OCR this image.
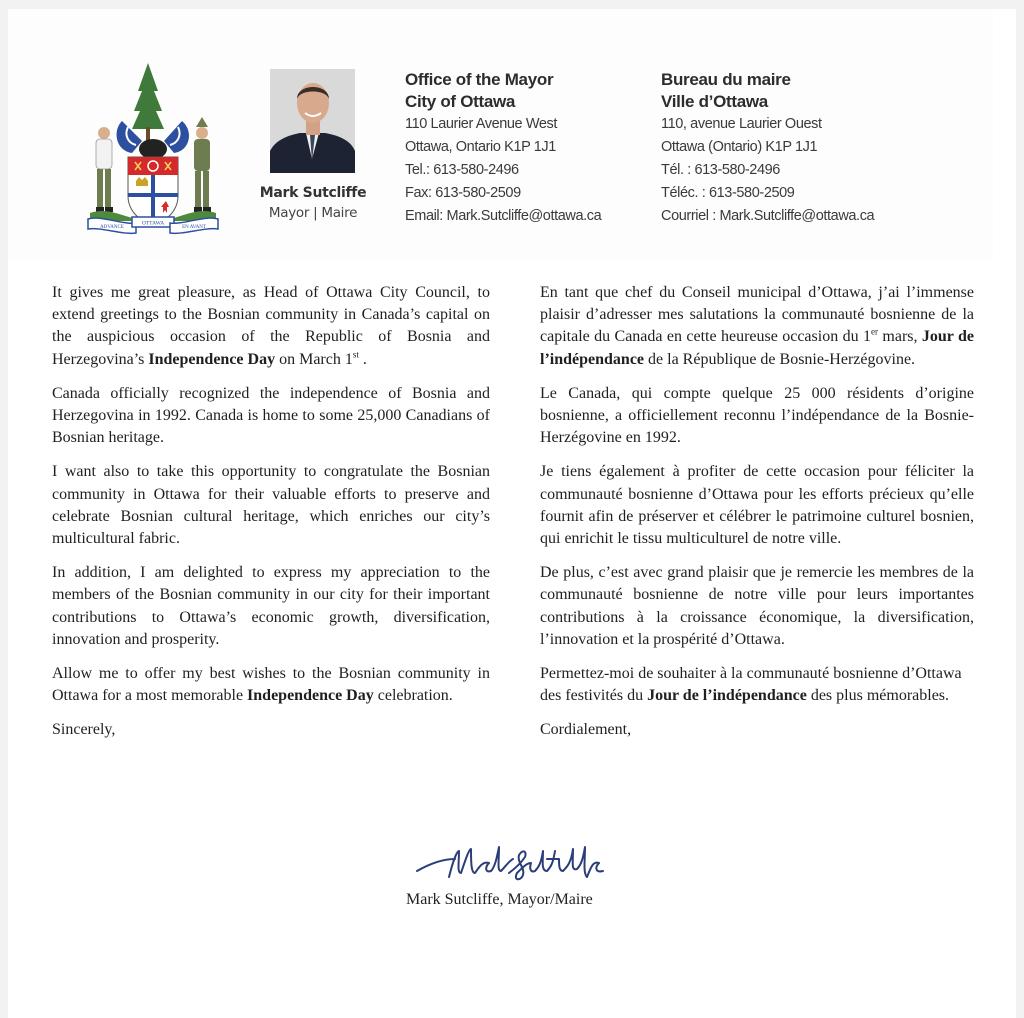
ADVANCE
OTTAWA
EN AVANT
Mark Sutcliffe
Mayor | Maire
Office of the Mayor
City of Ottawa
110 Laurier Avenue West
Ottawa, Ontario K1P 1J1
Tel.: 613-580-2496
Fax: 613-580-2509
Email: Mark.Sutcliffe@ottawa.ca
Bureau du maire
Ville d’Ottawa
110, avenue Laurier Ouest
Ottawa (Ontario) K1P 1J1
Tél. : 613-580-2496
Téléc. : 613-580-2509
Courriel : Mark.Sutcliffe@ottawa.ca

It gives me great pleasure, as Head of Ottawa City Council, to extend greetings to the Bosnian community in Canada’s capital on the auspicious occasion of the Republic of Bosnia and Herzegovina’s Independence Day on March 1st .

Canada officially recognized the independence of Bosnia and Herzegovina in 1992. Canada is home to some 25,000 Canadians of Bosnian heritage.

I want also to take this opportunity to congratulate the Bosnian community in Ottawa for their valuable efforts to preserve and celebrate Bosnian cultural heritage, which enriches our city’s multicultural fabric.

In addition, I am delighted to express my appreciation to the members of the Bosnian community in our city for their important contributions to Ottawa’s economic growth, diversification, innovation and prosperity.

Allow me to offer my best wishes to the Bosnian community in Ottawa for a most memorable Independence Day celebration.

Sincerely,

En tant que chef du Conseil municipal d’Ottawa, j’ai l’immense plaisir d’adresser mes salutations la communauté bosnienne de la capitale du Canada en cette heureuse occasion du 1er mars, Jour de l’indépendance de la République de Bosnie-Herzégovine.

Le Canada, qui compte quelque 25 000 résidents d’origine bosnienne, a officiellement reconnu l’indépendance de la Bosnie-Herzégovine en 1992.

Je tiens également à profiter de cette occasion pour féliciter la communauté bosnienne d’Ottawa pour les efforts précieux qu’elle fournit afin de préserver et célébrer le patrimoine culturel bosnien, qui enrichit le tissu multiculturel de notre ville.

De plus, c’est avec grand plaisir que je remercie les membres de la communauté bosnienne de notre ville pour leurs importantes contributions à la croissance économique, la diversification, l’innovation et la prospérité d’Ottawa.

Permettez-moi de souhaiter à la communauté bosnienne d’Ottawa des festivités du Jour de l’indépendance des plus mémorables.

Cordialement,

Mark Sutcliffe, Mayor/Maire
